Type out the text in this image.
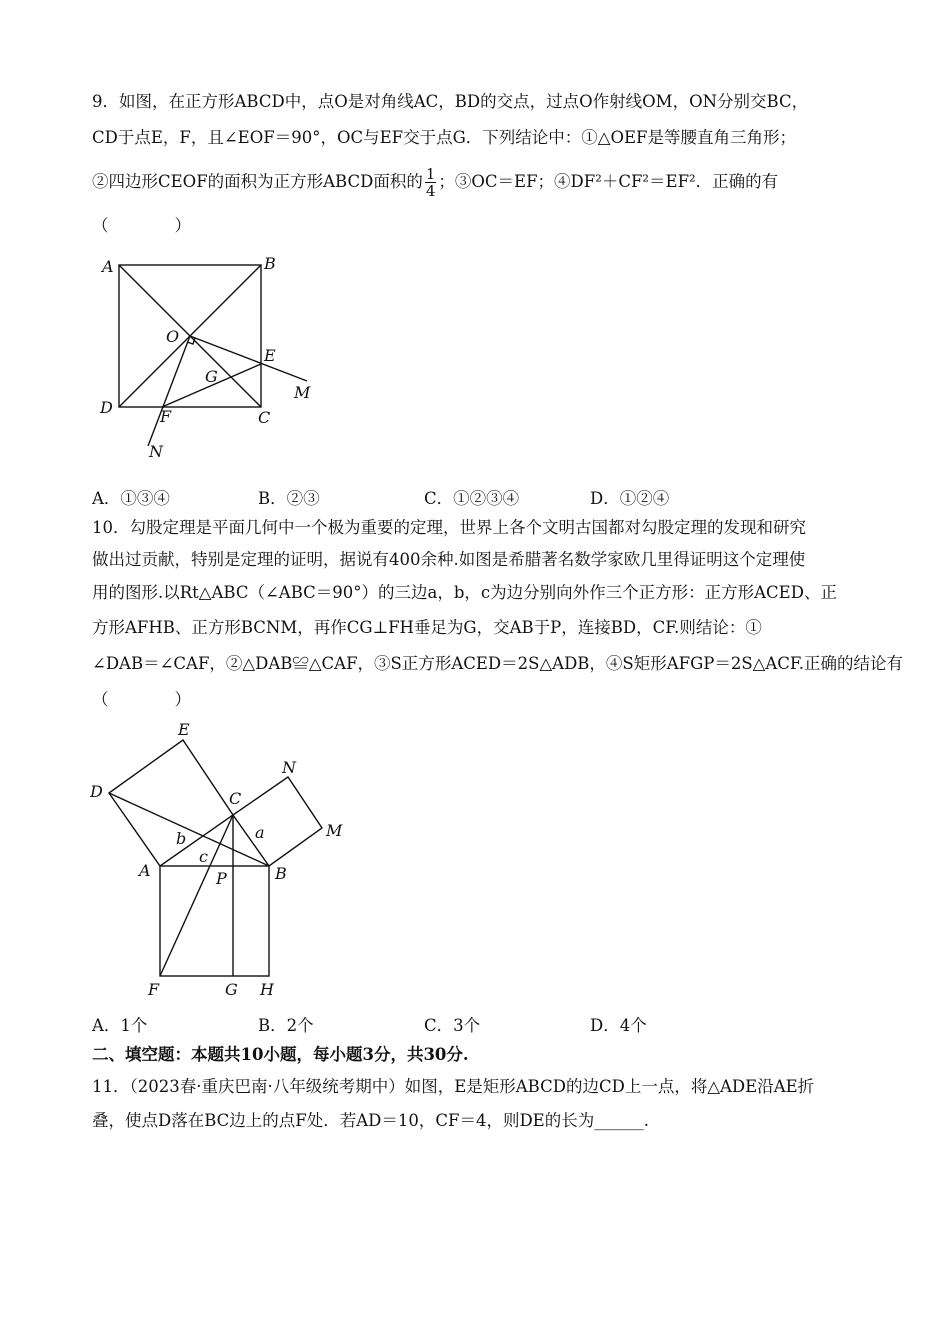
9．如图，在正方形ABCD中，点O是对角线AC，BD的交点，过点O作射线OM，ON分别交BC，
CD于点E，F，且∠EOF＝90°，OC与EF交于点G．下列结论中：①△OEF是等腰直角三角形；
②四边形CEOF的面积为正方形ABCD面积的 $\frac{1}{4}$ ；③OC＝EF；④DF²＋CF²＝EF²．正确的有
（　　　　）
A	B
C
D
O
E
F
G
M
N
A．①③④	B．②③	C．①②③④	D．①②④
10．勾股定理是平面几何中一个极为重要的定理，世界上各个文明古国都对勾股定理的发现和研究
做出过贡献，特别是定理的证明，据说有400余种.如图是希腊著名数学家欧几里得证明这个定理使
用的图形.以Rt△ABC（∠ABC＝90°）的三边a，b，c为边分别向外作三个正方形：正方形ACED、正
方形AFHB、正方形BCNM，再作CG⊥FH垂足为G，交AB于P，连接BD，CF.则结论：①
∠DAB＝∠CAF，②△DAB≌△CAF，③S正方形ACED＝2S△ADB，④S矩形AFGP＝2S△ACF.正确的结论有
（　　　　）
E
D	C
N
M
A	B
P
b	a
c
F	G H
A．1个	B．2个	C．3个	D．4个
二、填空题：本题共10小题，每小题3分，共30分.
11．（2023春·重庆巴南·八年级统考期中）如图，E是矩形ABCD的边CD上一点，将△ADE沿AE折
叠，使点D落在BC边上的点F处．若AD＝10，CF＝4，则DE的长为______.
